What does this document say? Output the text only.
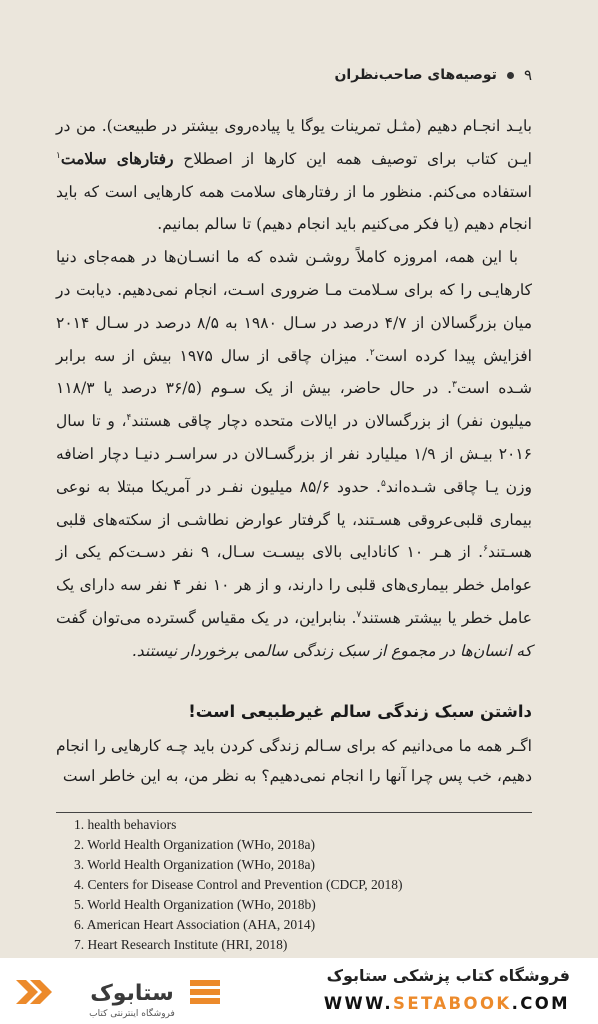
۹
توصیه‌های صاحب‌نظران

بایـد انجـام دهیم (مثـل تمرینات یوگا یا پیاده‌روی بیشتر در طبیعت). من در ایـن کتاب برای توصیف همه این کارها از اصطلاح رفتارهای سلامت$^۱$ استفاده می‌کنم. منظور ما از رفتارهای سلامت همه کارهایی است که باید انجام دهیم (یا فکر می‌کنیم باید انجام دهیم) تا سالم بمانیم.

با این همه، امروزه کاملاً روشـن شده که ما انسـان‌ها در همه‌جای دنیا کارهایـی را که برای سـلامت مـا ضروری اسـت، انجام نمی‌دهیم. دیابت در میان بزرگسالان از ۴/۷ درصد در سـال ۱۹۸۰ به ۸/۵ درصد در سـال ۲۰۱۴ افزایش پیدا کرده است$^۲$. میزان چاقی از سال ۱۹۷۵ بیش از سه برابر شـده است$^۳$. در حال حاضر، بیش از یک سـوم (۳۶/۵ درصد یا ۱۱۸/۳ میلیون نفر) از بزرگسالان در ایالات متحده دچار چاقی هستند$^۴$، و تا سال ۲۰۱۶ بیـش از ۱/۹ میلیارد نفر از بزرگسـالان در سراسـر دنیـا دچار اضافه وزن یـا چاقی شـده‌اند$^۵$. حدود ۸۵/۶ میلیون نفـر در آمریکا مبتلا به نوعی بیماری قلبی‌عروقی هسـتند، یا گرفتار عوارض نطاشـی از سکته‌های قلبی هسـتند$^۶$. از هـر ۱۰ کانادایی بالای بیسـت سـال، ۹ نفر دسـت‌کم یکی از عوامل خطر بیماری‌های قلبی را دارند، و از هر ۱۰ نفر ۴ نفر سه دارای یک عامل خطر یا بیشتر هستند$^۷$. بنابراین، در یک مقیاس گسترده می‌توان گفت که انسان‌ها در مجموع از سبک زندگی سالمی برخوردار نیستند.

داشتن سبک زندگی سالم غیرطبیعی است!
اگـر همه ما می‌دانیم که برای سـالم زندگی کردن باید چـه کارهایی را انجام دهیم، خب پس چرا آنها را انجام نمی‌دهیم؟ به نظر من، به این خاطر است
1. health behaviors
2. World Health Organization (WHo, 2018a)
3. World Health Organization (WHo, 2018a)
4. Centers for Disease Control and Prevention (CDCP, 2018)
5. World Health Organization (WHo, 2018b)
6. American Heart Association (AHA, 2014)
7. Heart Research Institute (HRI, 2018)
ستابوک
فروشگاه اینترنتی کتاب
فروشگاه کتاب پزشکی ستابوک
WWW.SETABOOK.COM
